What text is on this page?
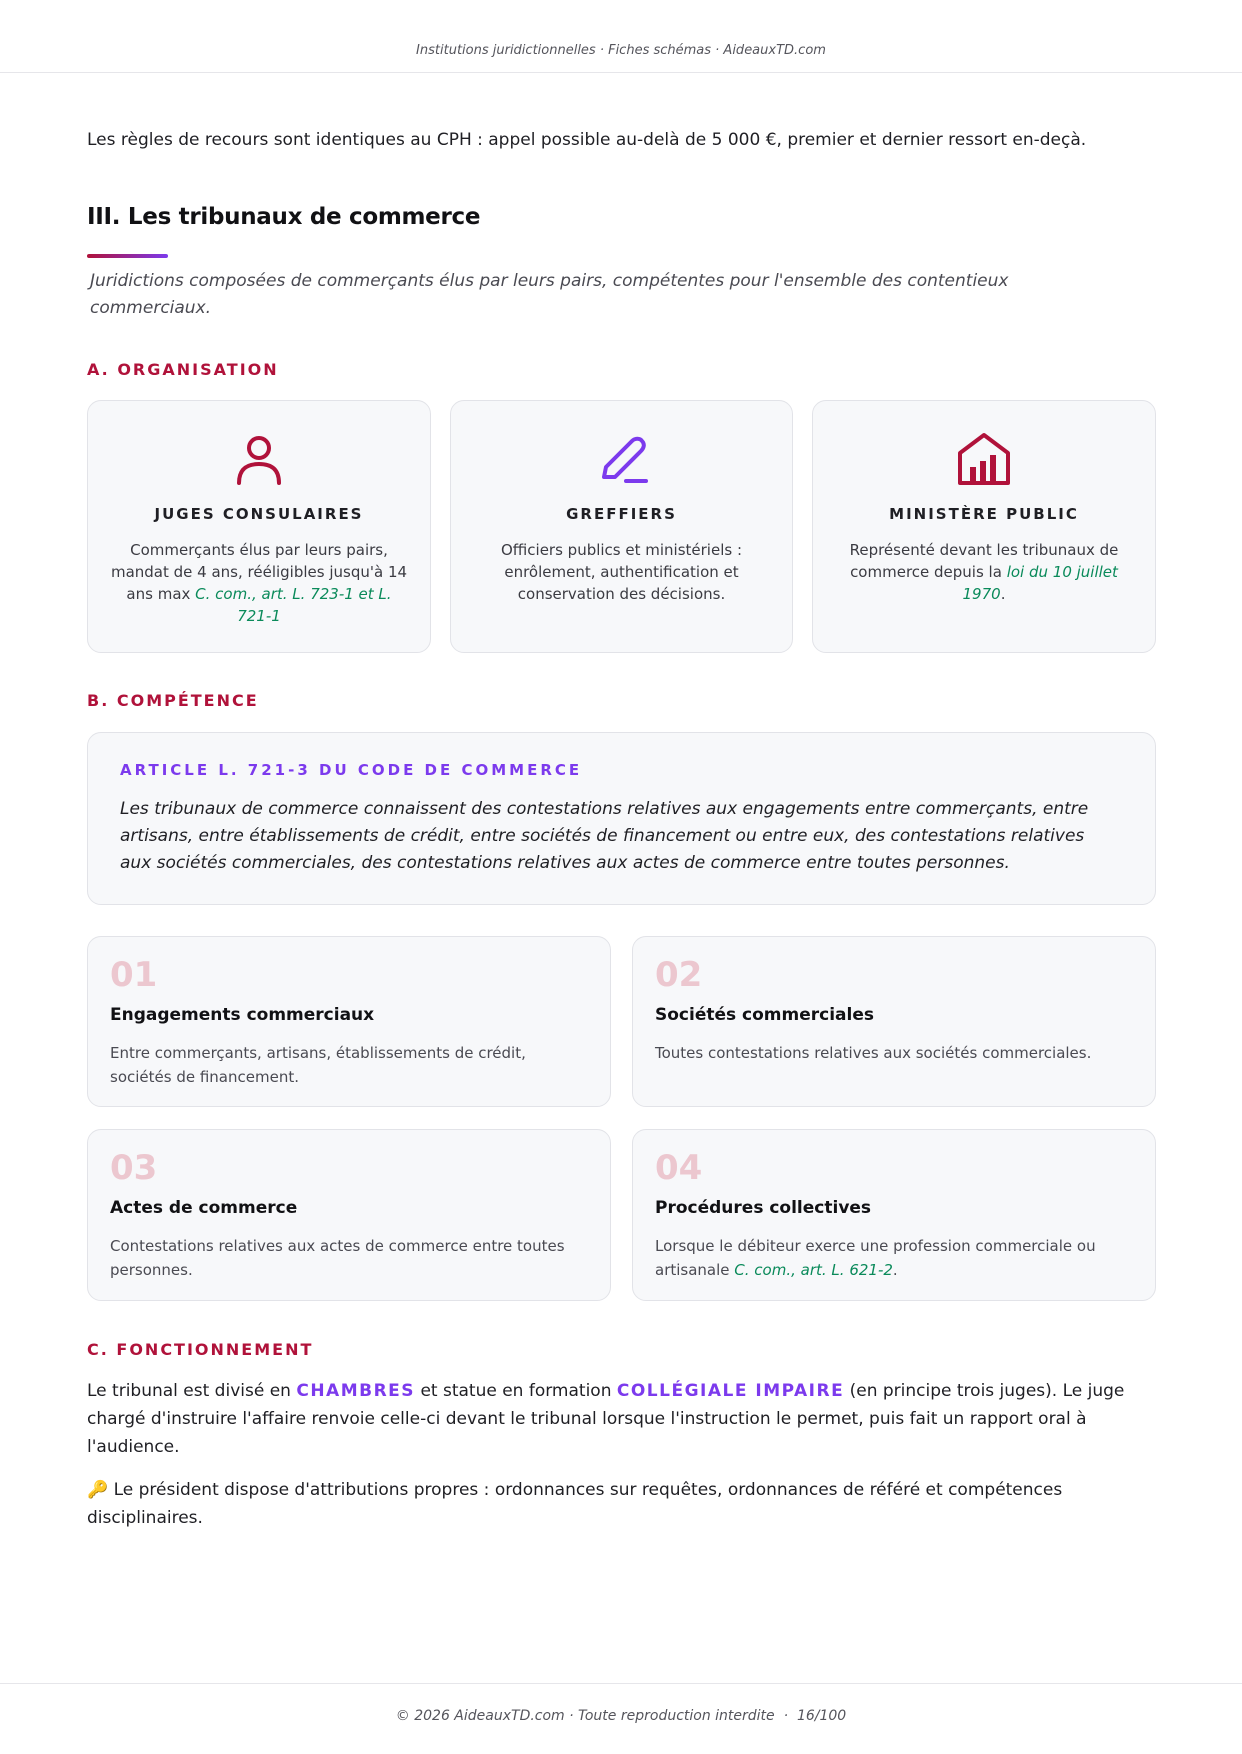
Institutions juridictionnelles · Fiches schémas · AideauxTD.com

Les règles de recours sont identiques au CPH : appel possible au-delà de 5 000 €, premier et dernier ressort en-deçà.

III. Les tribunaux de commerce

Juridictions composées de commerçants élus par leurs pairs, compétentes pour l'ensemble des contentieux commerciaux.

A. ORGANISATION
JUGES CONSULAIRES
Commerçants élus par leurs pairs, mandat de 4 ans, rééligibles jusqu'à 14 ans max C. com., art. L. 723-1 et L. 721-1
GREFFIERS
Officiers publics et ministériels : enrôlement, authentification et conservation des décisions.
MINISTÈRE PUBLIC
Représenté devant les tribunaux de commerce depuis la loi du 10 juillet 1970.
B. COMPÉTENCE
ARTICLE L. 721-3 DU CODE DE COMMERCE
Les tribunaux de commerce connaissent des contestations relatives aux engagements entre commerçants, entre artisans, entre établissements de crédit, entre sociétés de financement ou entre eux, des contestations relatives aux sociétés commerciales, des contestations relatives aux actes de commerce entre toutes personnes.
01
Engagements commerciaux
Entre commerçants, artisans, établissements de crédit, sociétés de financement.
02
Sociétés commerciales
Toutes contestations relatives aux sociétés commerciales.
03
Actes de commerce
Contestations relatives aux actes de commerce entre toutes personnes.
04
Procédures collectives
Lorsque le débiteur exerce une profession commerciale ou artisanale C. com., art. L. 621-2.
C. FONCTIONNEMENT

Le tribunal est divisé en CHAMBRES et statue en formation COLLÉGIALE IMPAIRE (en principe trois juges). Le juge chargé d'instruire l'affaire renvoie celle-ci devant le tribunal lorsque l'instruction le permet, puis fait un rapport oral à l'audience.

🔑 Le président dispose d'attributions propres : ordonnances sur requêtes, ordonnances de référé et compétences disciplinaires.

© 2026 AideauxTD.com · Toute reproduction interdite · 16/100
